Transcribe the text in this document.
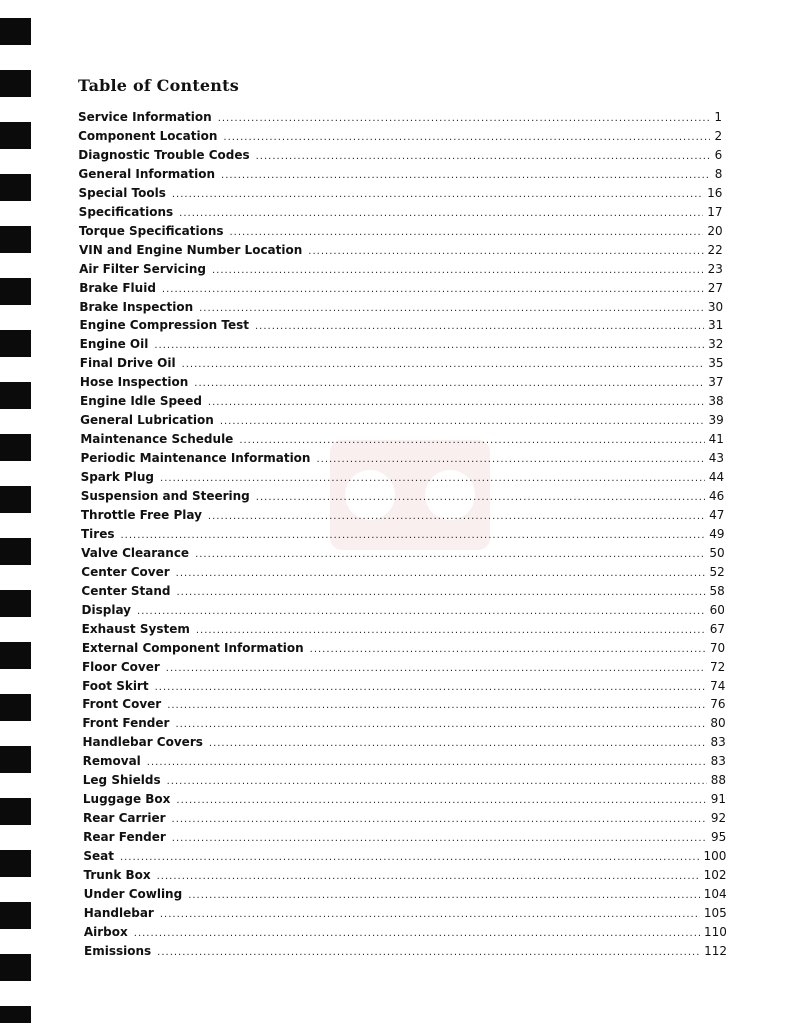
Table of Contents
Service Information .....	1
Component Location .....	2
Diagnostic Trouble Codes .....	6
General Information .....	8
Special Tools .....	16
Specifications .....	17
Torque Specifications .....	20
VIN and Engine Number Location .....	22
Air Filter Servicing .....	23
Brake Fluid .....	27
Brake Inspection .....	30
Engine Compression Test .....	31
Engine Oil .....	32
Final Drive Oil .....	35
Hose Inspection .....	37
Engine Idle Speed .....	38
General Lubrication .....	39
Maintenance Schedule .....	41
Periodic Maintenance Information .....	43
Spark Plug .....	44
Suspension and Steering .....	46
Throttle Free Play .....	47
Tires .....	49
Valve Clearance .....	50
Center Cover .....	52
Center Stand .....	58
Display .....	60
Exhaust System .....	67
External Component Information .....	70
Floor Cover .....	72
Foot Skirt .....	74
Front Cover .....	76
Front Fender .....	80
Handlebar Covers .....	83
Removal .....	83
Leg Shields .....	88
Luggage Box .....	91
Rear Carrier .....	92
Rear Fender .....	95
Seat .....	100
Trunk Box .....	102
Under Cowling .....	104
Handlebar .....	105
Airbox .....	110
Emissions .....	112
